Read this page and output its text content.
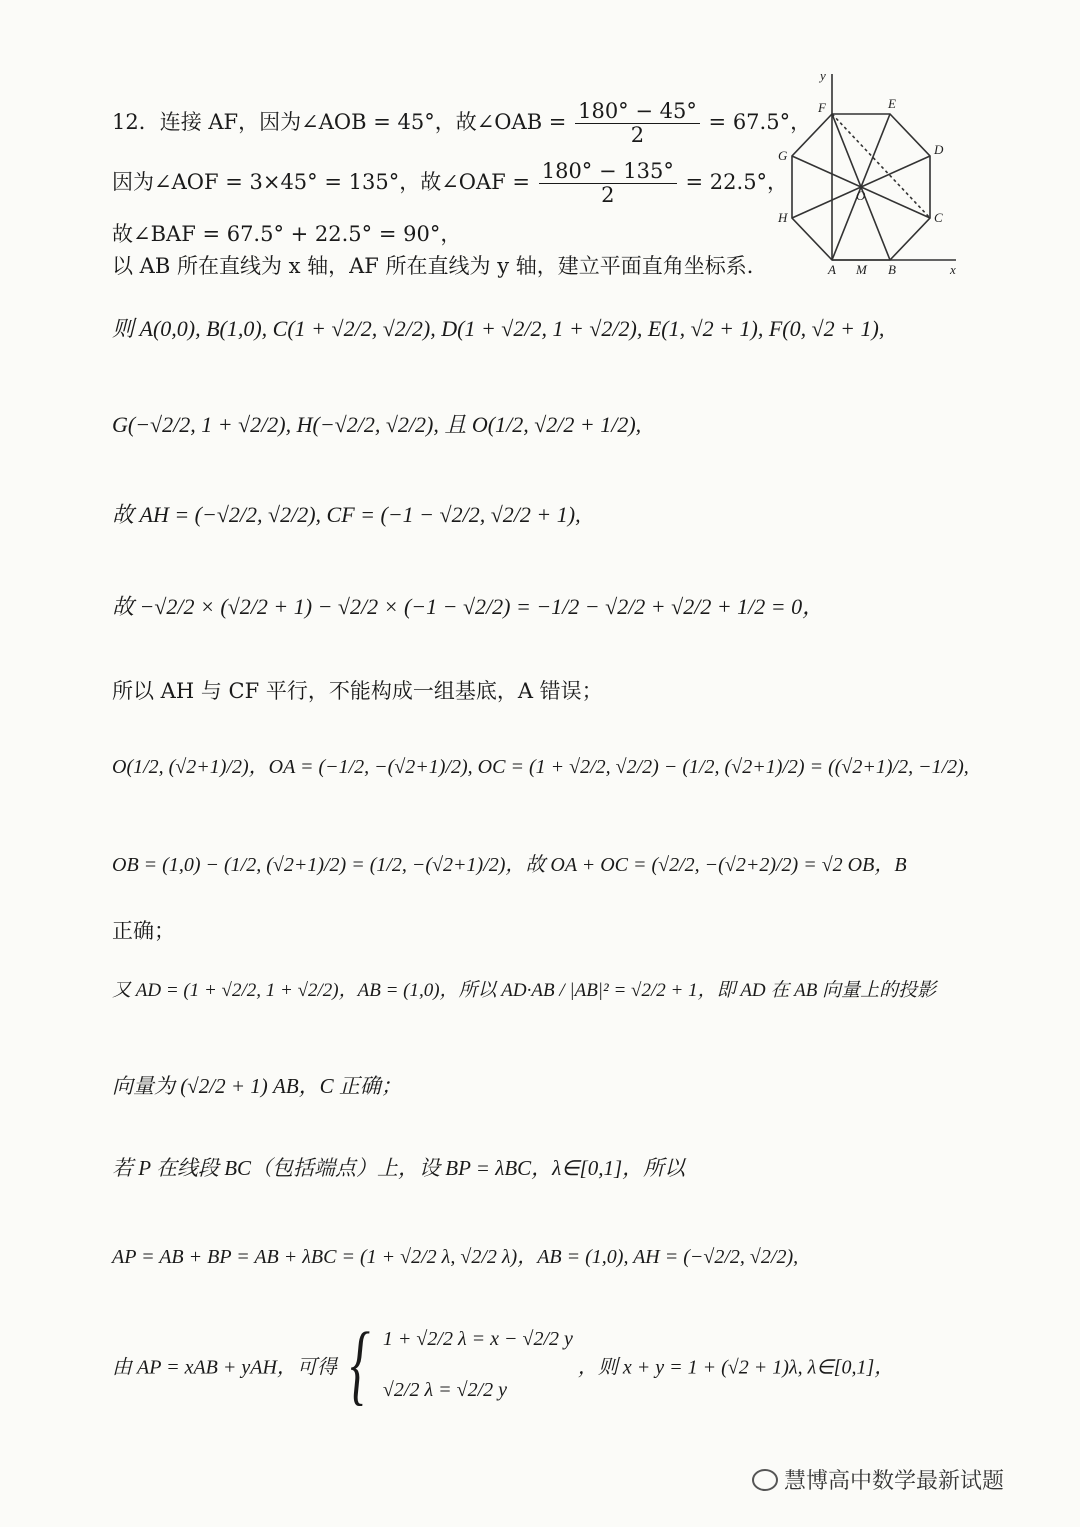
12．连接 AF，因为∠AOB = 45°，故∠OAB = $\frac{180^\circ - 45^\circ}{2} = 67.5^\circ$，
因为∠AOF = 3×45° = 135°，故∠OAF = $\frac{180^\circ - 135^\circ}{2} = 22.5^\circ$，
故∠BAF = 67.5° + 22.5° = 90°，
以 AB 所在直线为 x 轴，AF 所在直线为 y 轴，建立平面直角坐标系．
y
F	E
G	D
O
H	C
A M B	x
则 A(0,0), B(1,0), C(1 + √2/2, √2/2), D(1 + √2/2, 1 + √2/2), E(1, √2 + 1), F(0, √2 + 1),
G(−√2/2, 1 + √2/2), H(−√2/2, √2/2), 且 O(1/2, √2/2 + 1/2),
故 AH = (−√2/2, √2/2), CF = (−1 − √2/2, √2/2 + 1),
故 −√2/2 × (√2/2 + 1) − √2/2 × (−1 − √2/2) = −1/2 − √2/2 + √2/2 + 1/2 = 0，
所以 AH 与 CF 平行，不能构成一组基底，A 错误；
O(1/2, (√2+1)/2)，OA = (−1/2, −(√2+1)/2), OC = (1 + √2/2, √2/2) − (1/2, (√2+1)/2) = ((√2+1)/2, −1/2),
OB = (1,0) − (1/2, (√2+1)/2) = (1/2, −(√2+1)/2)，故 OA + OC = (√2/2, −(√2+2)/2) = √2 OB，B
正确；
又 AD = (1 + √2/2, 1 + √2/2)，AB = (1,0)，所以 AD·AB / |AB|² = √2/2 + 1，即 AD 在 AB 向量上的投影
向量为 (√2/2 + 1) AB，C 正确；
若 P 在线段 BC（包括端点）上，设 BP = λBC，λ∈[0,1]，所以
AP = AB + BP = AB + λBC = (1 + √2/2 λ, √2/2 λ)，AB = (1,0), AH = (−√2/2, √2/2),
由 AP = xAB + yAH，可得 { 1 + √2/2 λ = x − √2/2 y
√2/2 λ = √2/2 y
，则 x + y = 1 + (√2 + 1)λ, λ∈[0,1]，
慧博高中数学最新试题
